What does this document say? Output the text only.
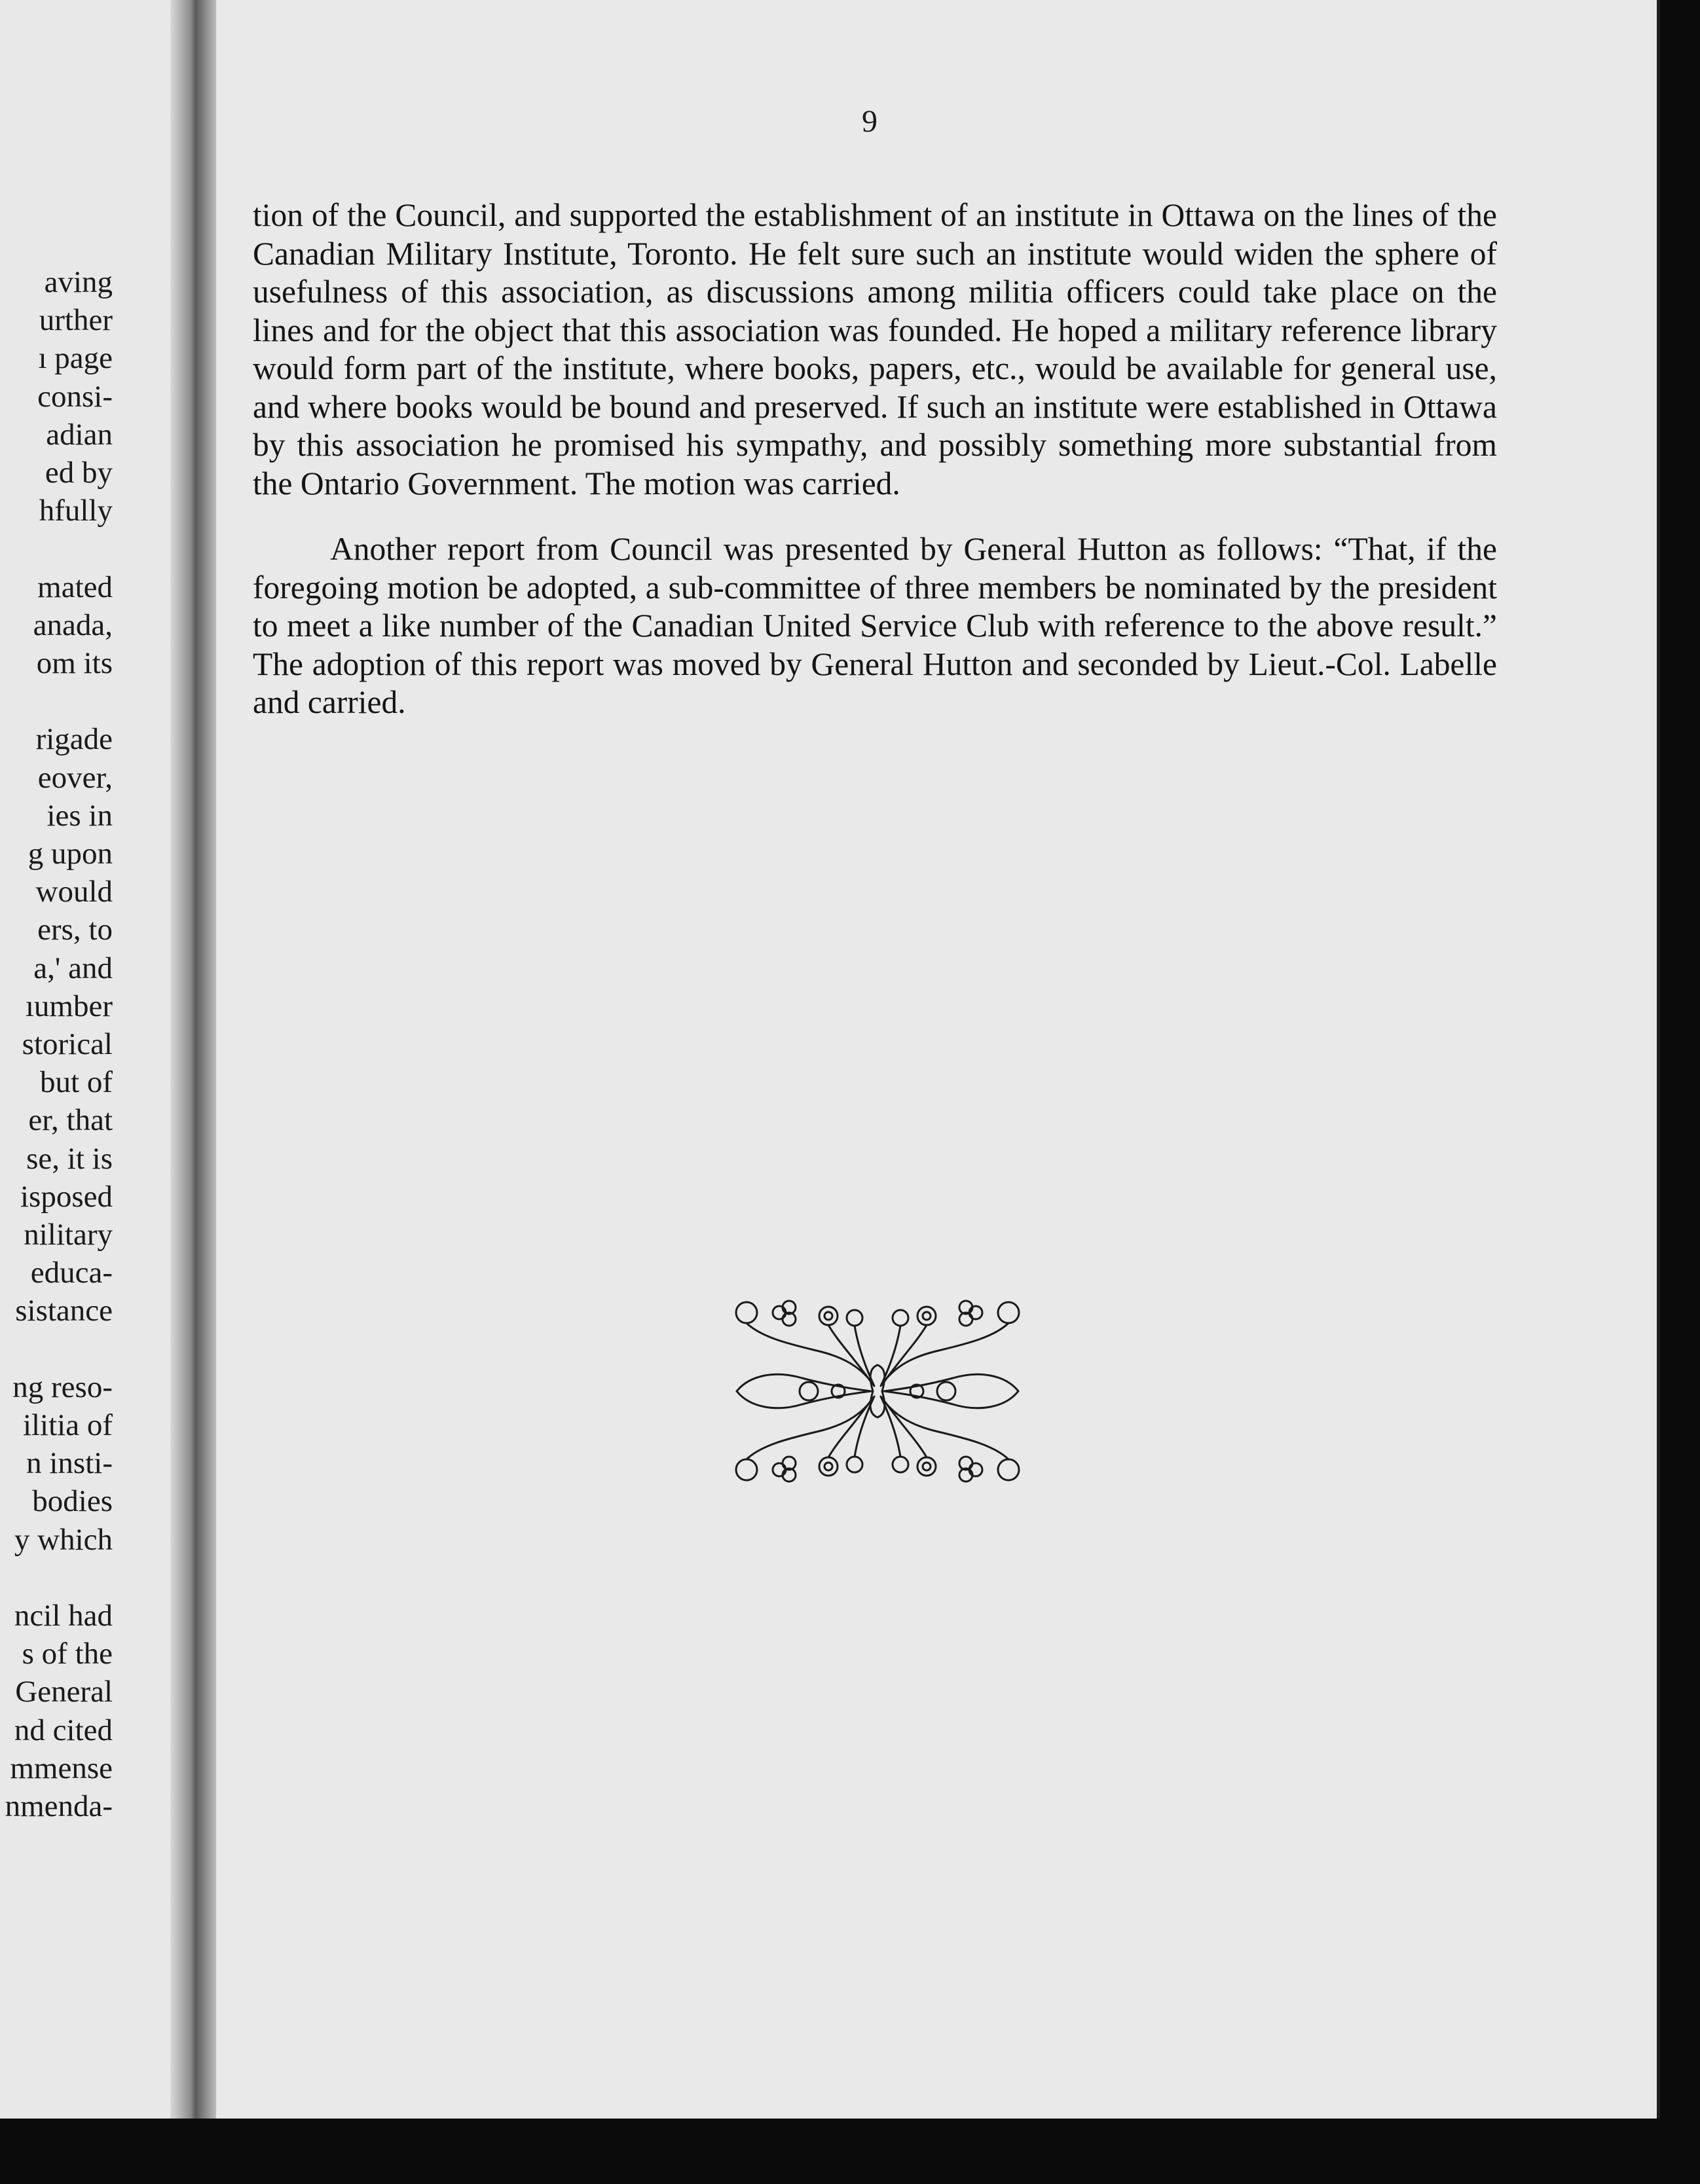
aving
urther
ı page
consi-
adian
ed by
hfully
mated
anada,
om its
rigade
eover,
ies in
g upon
would
ers, to
a,' and
ıumber
storical
but of
er, that
se, it is
isposed
nilitary
educa-
sistance
ng reso-
ilitia of
n insti-
bodies
y which
ncil had
s of the
General
nd cited
mmense
nmenda-
9

tion of the Council, and supported the establishment of an institute in Ottawa on the lines of the Canadian Military Institute, Toronto. He felt sure such an institute would widen the sphere of usefulness of this association, as discussions among militia officers could take place on the lines and for the object that this association was founded. He hoped a military reference library would form part of the institute, where books, papers, etc., would be available for general use, and where books would be bound and preserved. If such an institute were established in Ottawa by this association he promised his sympathy, and possibly something more substantial from the Ontario Government. The motion was carried.

Another report from Council was presented by General Hutton as follows: “That, if the foregoing motion be adopted, a sub-committee of three members be nominated by the president to meet a like number of the Canadian United Service Club with reference to the above result.” The adoption of this report was moved by General Hutton and seconded by Lieut.-Col. Labelle and carried.
